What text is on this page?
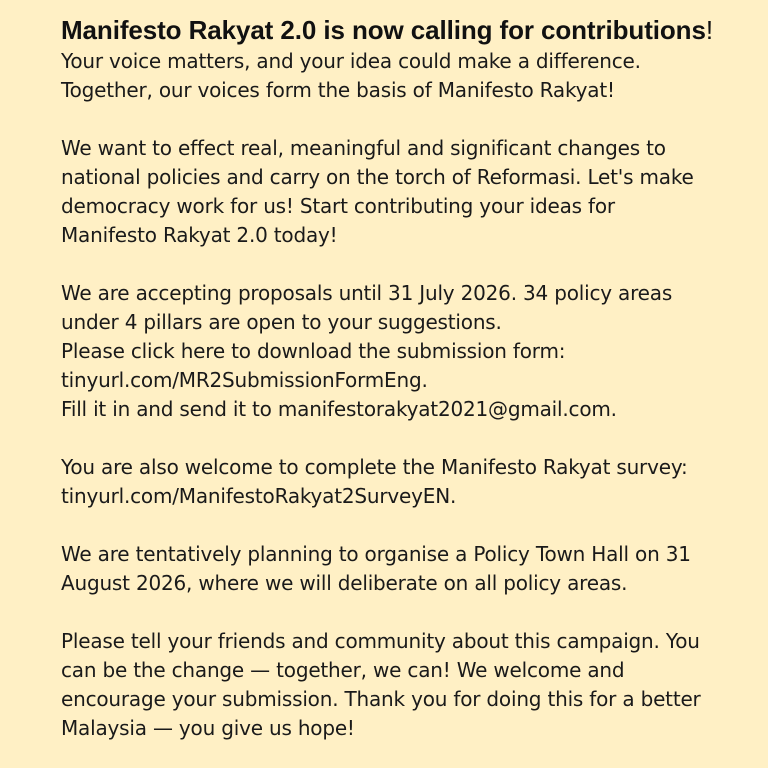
Manifesto Rakyat 2.0 is now calling for contributions!

Your voice matters, and your idea could make a difference.
Together, our voices form the basis of Manifesto Rakyat!

We want to effect real, meaningful and significant changes to
national policies and carry on the torch of Reformasi. Let's make
democracy work for us! Start contributing your ideas for
Manifesto Rakyat 2.0 today!

We are accepting proposals until 31 July 2026. 34 policy areas
under 4 pillars are open to your suggestions.
Please click here to download the submission form:
tinyurl.com/MR2SubmissionFormEng.
Fill it in and send it to manifestorakyat2021@gmail.com.

You are also welcome to complete the Manifesto Rakyat survey:
tinyurl.com/ManifestoRakyat2SurveyEN.

We are tentatively planning to organise a Policy Town Hall on 31
August 2026, where we will deliberate on all policy areas.

Please tell your friends and community about this campaign. You
can be the change — together, we can! We welcome and
encourage your submission. Thank you for doing this for a better
Malaysia — you give us hope!
